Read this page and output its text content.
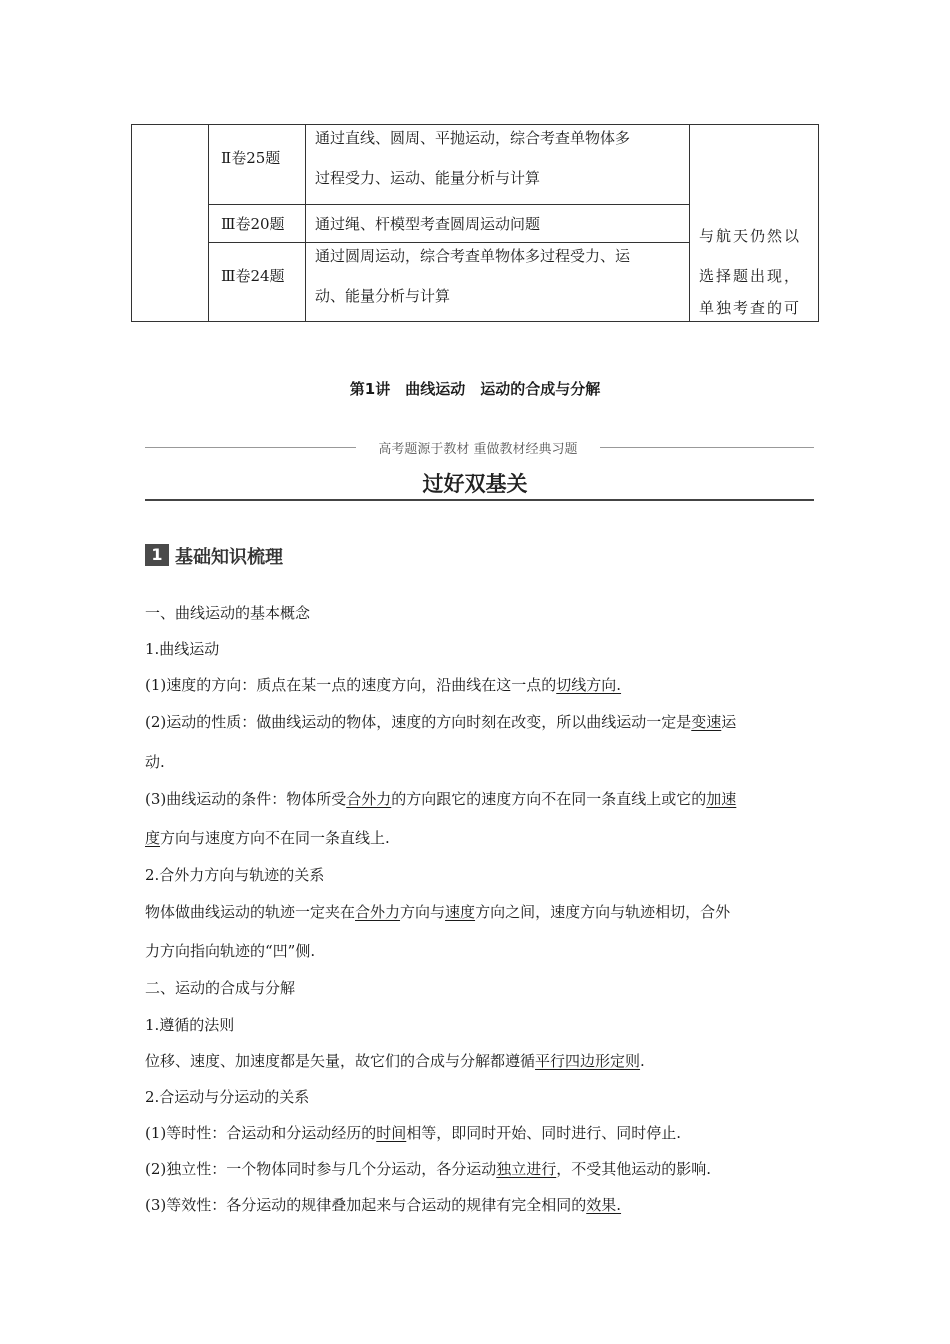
Ⅱ卷25题
通过直线、圆周、平抛运动，综合考查单物体多
过程受力、运动、能量分析与计算
Ⅲ卷20题 通过绳、杆模型考查圆周运动问题
Ⅲ卷24题
通过圆周运动，综合考查单物体多过程受力、运
动、能量分析与计算
与航天仍然以
选择题出现，
单独考查的可
第1讲　曲线运动　运动的合成与分解
高考题源于教材 重做教材经典习题
过好双基关
1 基础知识梳理
一、曲线运动的基本概念
1.曲线运动
(1)速度的方向：质点在某一点的速度方向，沿曲线在这一点的切线方向.
(2)运动的性质：做曲线运动的物体，速度的方向时刻在改变，所以曲线运动一定是变速运
动.
(3)曲线运动的条件：物体所受合外力的方向跟它的速度方向不在同一条直线上或它的加速
度方向与速度方向不在同一条直线上.
2.合外力方向与轨迹的关系
物体做曲线运动的轨迹一定夹在合外力方向与速度方向之间，速度方向与轨迹相切，合外
力方向指向轨迹的“凹”侧.
二、运动的合成与分解
1.遵循的法则
位移、速度、加速度都是矢量，故它们的合成与分解都遵循平行四边形定则.
2.合运动与分运动的关系
(1)等时性：合运动和分运动经历的时间相等，即同时开始、同时进行、同时停止.
(2)独立性：一个物体同时参与几个分运动，各分运动独立进行，不受其他运动的影响.
(3)等效性：各分运动的规律叠加起来与合运动的规律有完全相同的效果.
